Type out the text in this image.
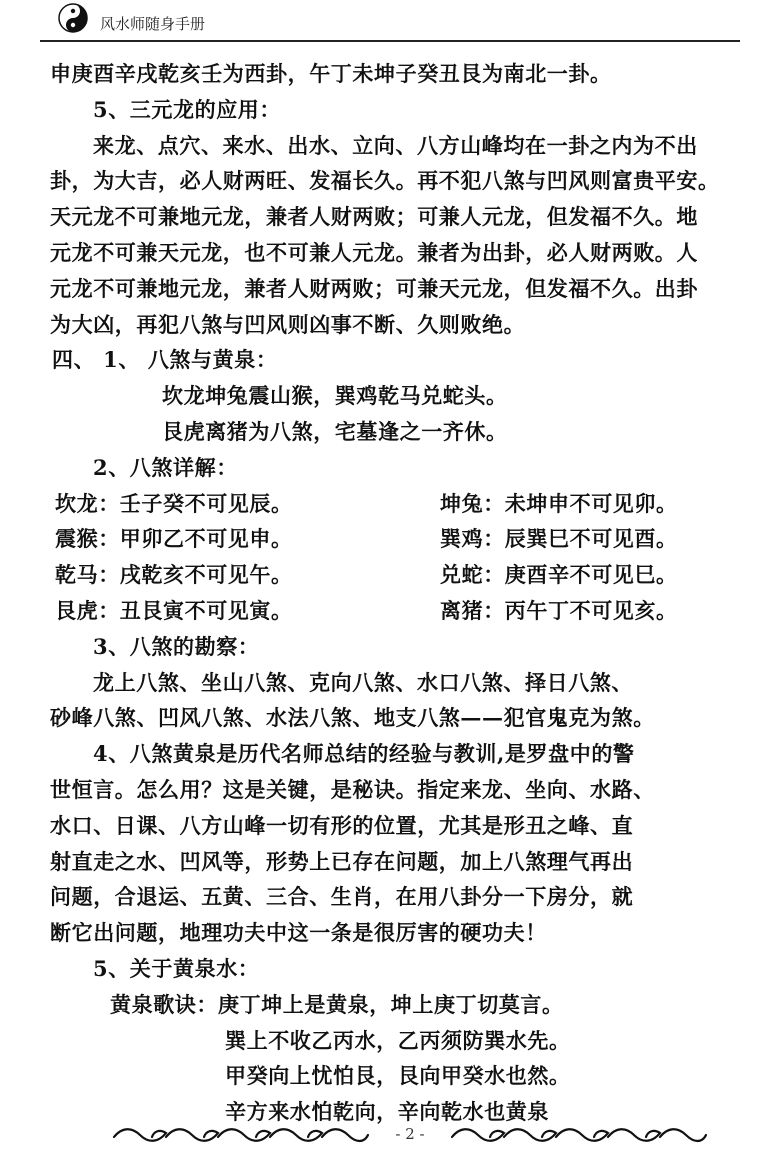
风水师随身手册
申庚酉辛戌乾亥壬为西卦，午丁未坤子癸丑艮为南北一卦。
5、三元龙的应用：
来龙、点穴、来水、出水、立向、八方山峰均在一卦之内为不出
卦，为大吉，必人财两旺、发福长久。再不犯八煞与凹风则富贵平安。
天元龙不可兼地元龙，兼者人财两败；可兼人元龙，但发福不久。地
元龙不可兼天元龙，也不可兼人元龙。兼者为出卦，必人财两败。人
元龙不可兼地元龙，兼者人财两败；可兼天元龙，但发福不久。出卦
为大凶，再犯八煞与凹风则凶事不断、久则败绝。
四、 1、 八煞与黄泉：
坎龙坤兔震山猴，巽鸡乾马兑蛇头。
艮虎离猪为八煞，宅墓逢之一齐休。
2、八煞详解：
坎龙：壬子癸不可见辰。	坤兔：未坤申不可见卯。
震猴：甲卯乙不可见申。	巽鸡：辰巽巳不可见酉。
乾马：戌乾亥不可见午。	兑蛇：庚酉辛不可见巳。
艮虎：丑艮寅不可见寅。	离猪：丙午丁不可见亥。
3、八煞的勘察：
龙上八煞、坐山八煞、克向八煞、水口八煞、择日八煞、
砂峰八煞、凹风八煞、水法八煞、地支八煞——犯官鬼克为煞。
4、八煞黄泉是历代名师总结的经验与教训,是罗盘中的警
世恒言。怎么用？这是关键，是秘诀。指定来龙、坐向、水路、
水口、日课、八方山峰一切有形的位置，尤其是形丑之峰、直
射直走之水、凹风等，形势上已存在问题，加上八煞理气再出
问题，合退运、五黄、三合、生肖，在用八卦分一下房分，就
断它出问题，地理功夫中这一条是很厉害的硬功夫！
5、关于黄泉水：
黄泉歌诀：庚丁坤上是黄泉，坤上庚丁切莫言。
巽上不收乙丙水，乙丙须防巽水先。
甲癸向上忧怕艮，艮向甲癸水也然。
辛方来水怕乾向，辛向乾水也黄泉
- 2 -
